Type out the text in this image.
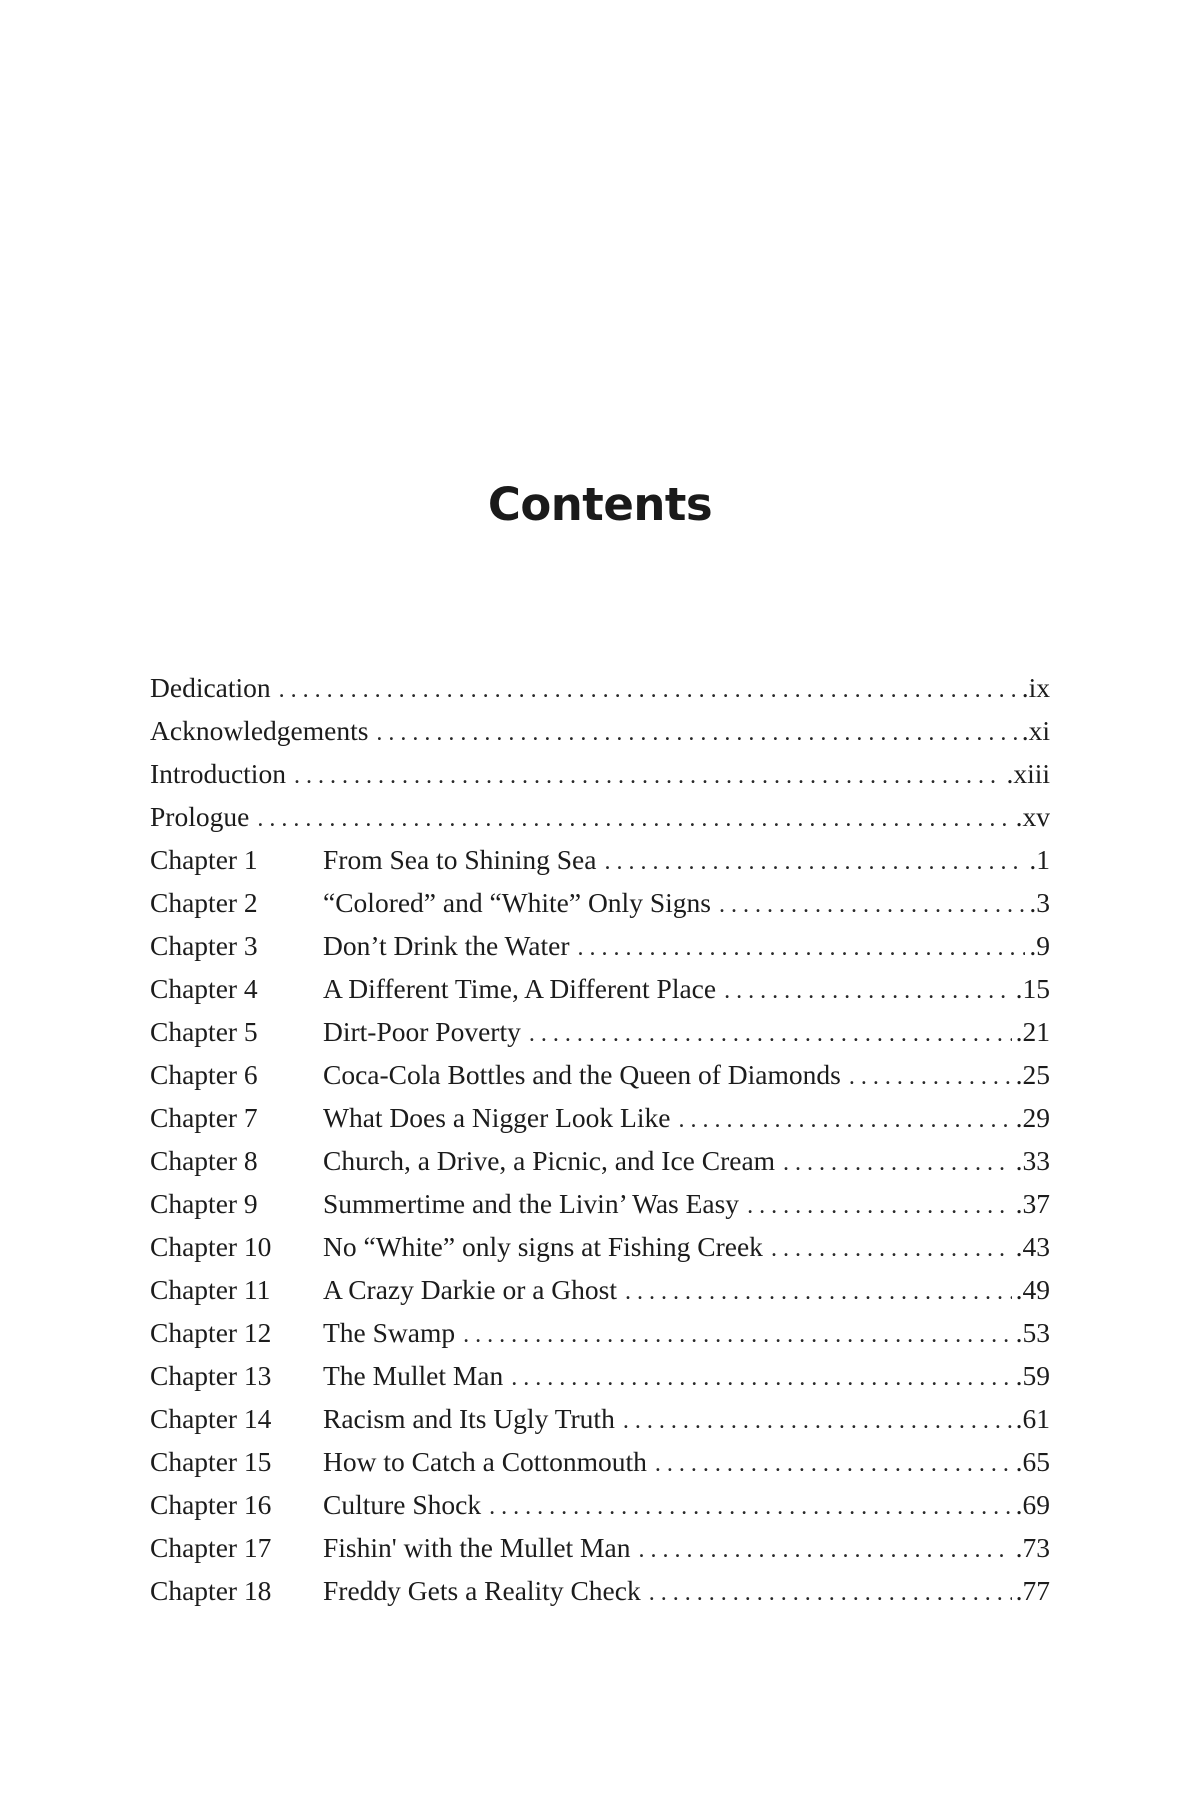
Contents
Dedication . . .	.ix
Acknowledgements . . .	.xi
Introduction . . .	.xiii
Prologue . . .	.xv
Chapter 1	From Sea to Shining Sea . . .	.1
Chapter 2	“Colored” and “White” Only Signs . . .	.3
Chapter 3	Don’t Drink the Water . . .	.9
Chapter 4	A Different Time, A Different Place . . .	.15
Chapter 5	Dirt-Poor Poverty . . .	.21
Chapter 6	Coca-Cola Bottles and the Queen of Diamonds . . .	.25
Chapter 7	What Does a Nigger Look Like . . .	.29
Chapter 8	Church, a Drive, a Picnic, and Ice Cream . . .	.33
Chapter 9	Summertime and the Livin’ Was Easy . . .	.37
Chapter 10	No “White” only signs at Fishing Creek . . .	.43
Chapter 11	A Crazy Darkie or a Ghost . . .	.49
Chapter 12	The Swamp . . .	.53
Chapter 13	The Mullet Man . . .	.59
Chapter 14	Racism and Its Ugly Truth . . .	.61
Chapter 15	How to Catch a Cottonmouth . . .	.65
Chapter 16	Culture Shock . . .	.69
Chapter 17	Fishin' with the Mullet Man . . .	.73
Chapter 18	Freddy Gets a Reality Check . . .	.77
